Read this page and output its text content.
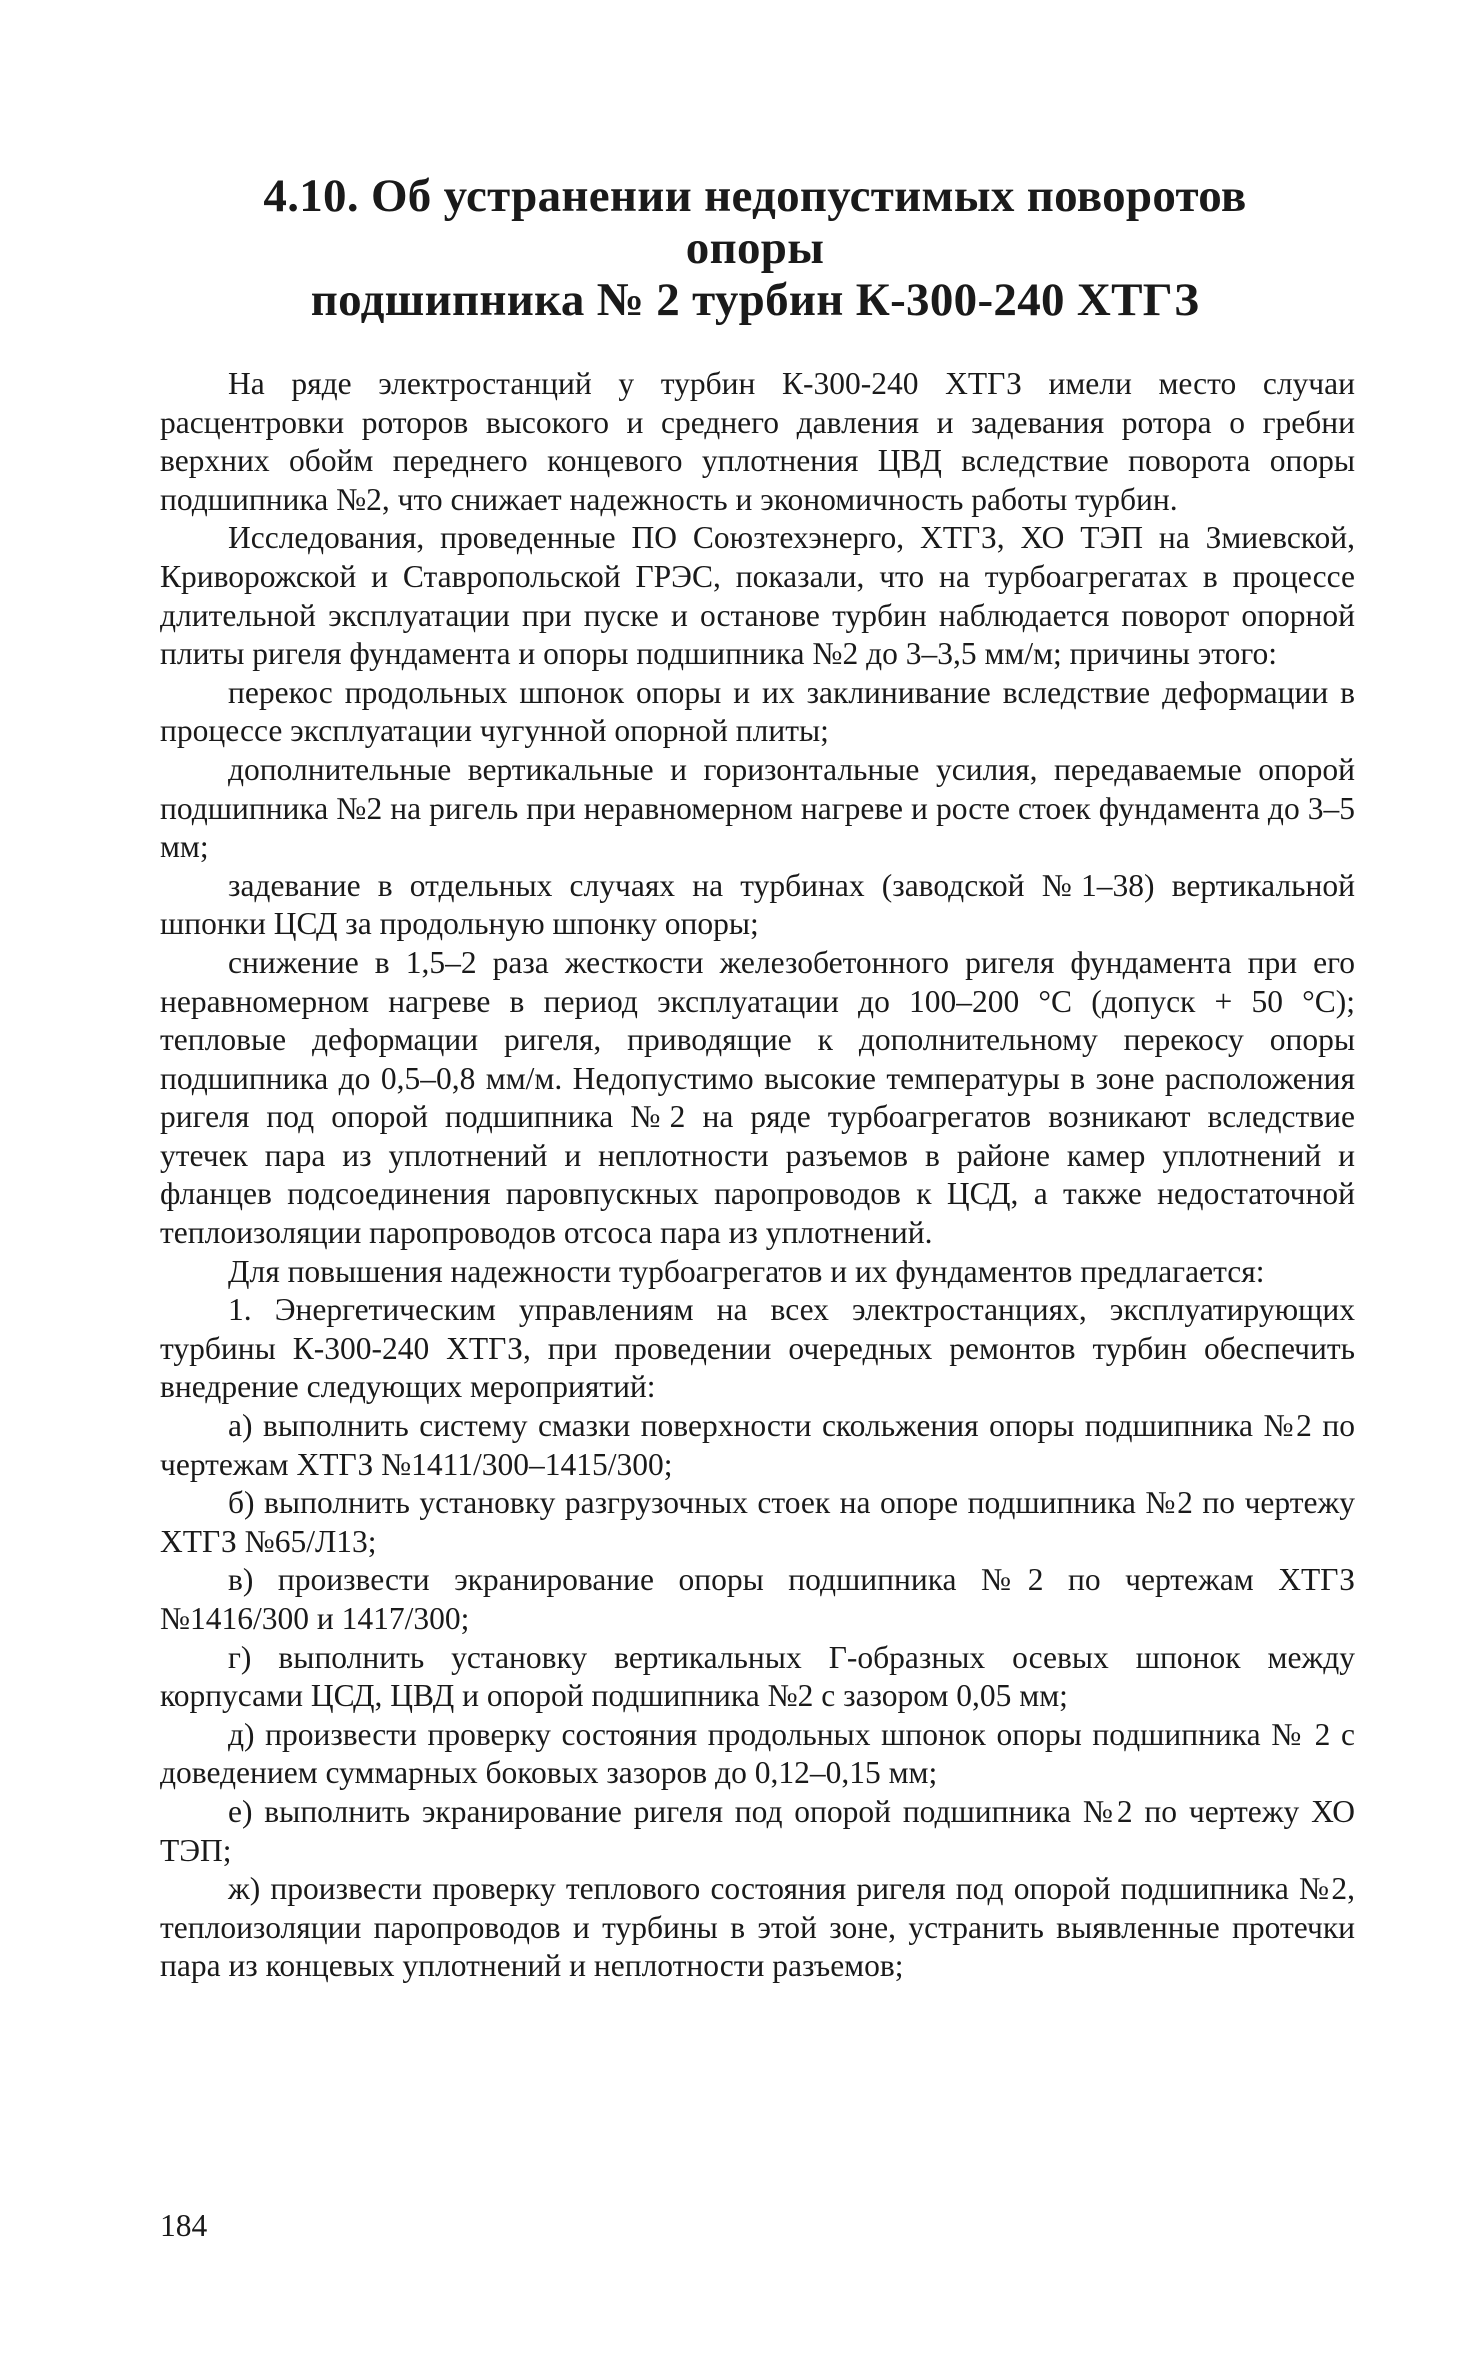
4.10. Об устранении недопустимых поворотов опоры
подшипника № 2 турбин К-300-240 ХТГЗ

На ряде электростанций у турбин К-300-240 ХТГЗ имели место случаи расцентровки роторов высокого и среднего давления и задевания ротора о гребни верхних обойм переднего концевого уплотнения ЦВД вследствие поворота опоры подшипника №2, что снижает надежность и экономичность работы турбин.

Исследования, проведенные ПО Союзтехэнерго, ХТГЗ, ХО ТЭП на Змиевской, Криворожской и Ставропольской ГРЭС, показали, что на турбоагрегатах в процессе длительной эксплуатации при пуске и останове турбин наблюдается поворот опорной плиты ригеля фундамента и опоры подшипника №2 до 3–3,5 мм/м; причины этого:

перекос продольных шпонок опоры и их заклинивание вследствие деформации в процессе эксплуатации чугунной опорной плиты;

дополнительные вертикальные и горизонтальные усилия, передаваемые опорой подшипника №2 на ригель при неравномерном нагреве и росте стоек фундамента до 3–5 мм;

задевание в отдельных случаях на турбинах (заводской №1–38) вертикальной шпонки ЦСД за продольную шпонку опоры;

снижение в 1,5–2 раза жесткости железобетонного ригеля фундамента при его неравномерном нагреве в период эксплуатации до 100–200 °С (допуск + 50 °С); тепловые деформации ригеля, приводящие к дополнительному перекосу опоры подшипника до 0,5–0,8 мм/м. Недопустимо высокие температуры в зоне расположения ригеля под опорой подшипника №2 на ряде турбоагрегатов возникают вследствие утечек пара из уплотнений и неплотности разъемов в районе камер уплотнений и фланцев подсоединения паровпускных паропроводов к ЦСД, а также недостаточной теплоизоляции паропроводов отсоса пара из уплотнений.

Для повышения надежности турбоагрегатов и их фундаментов предлагается:

1. Энергетическим управлениям на всех электростанциях, эксплуатирующих турбины К-300-240 ХТГЗ, при проведении очередных ремонтов турбин обеспечить внедрение следующих мероприятий:

а) выполнить систему смазки поверхности скольжения опоры подшипника №2 по чертежам ХТГЗ №1411/300–1415/300;

б) выполнить установку разгрузочных стоек на опоре подшипника №2 по чертежу ХТГЗ №65/Л13;

в) произвести экранирование опоры подшипника №2 по чертежам ХТГЗ №1416/300 и 1417/300;

г) выполнить установку вертикальных Г-образных осевых шпонок между корпусами ЦСД, ЦВД и опорой подшипника №2 с зазором 0,05 мм;

д) произвести проверку состояния продольных шпонок опоры подшипника № 2 с доведением суммарных боковых зазоров до 0,12–0,15 мм;

е) выполнить экранирование ригеля под опорой подшипника №2 по чертежу ХО ТЭП;

ж) произвести проверку теплового состояния ригеля под опорой подшипника №2, теплоизоляции паропроводов и турбины в этой зоне, устранить выявленные протечки пара из концевых уплотнений и неплотности разъемов;

184
